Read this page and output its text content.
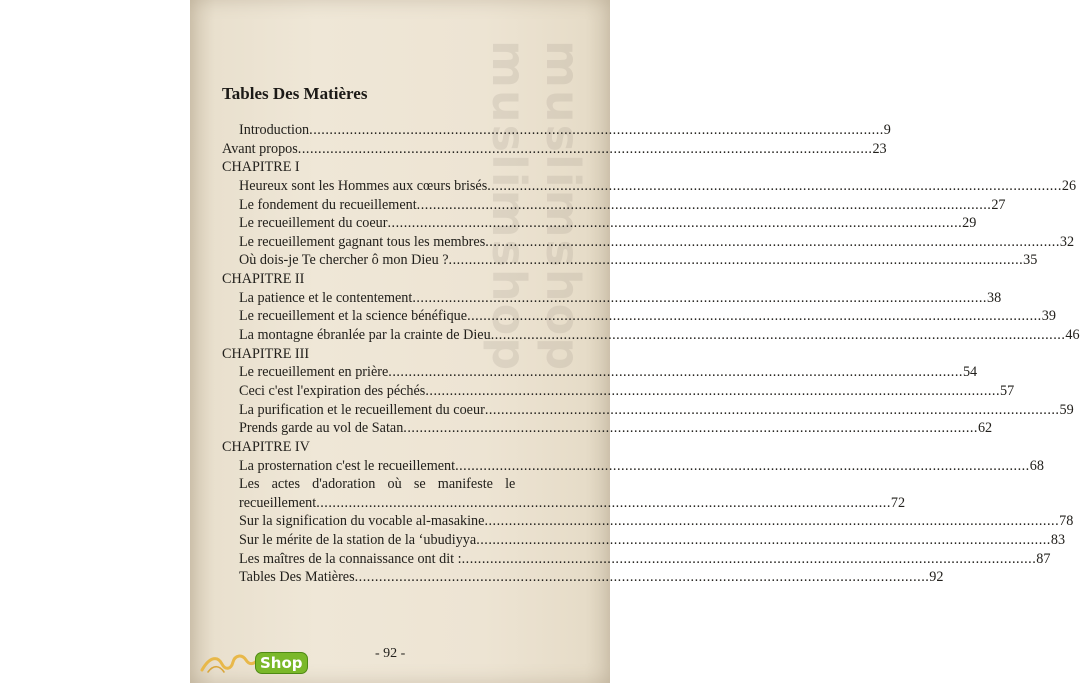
muslimshop muslimshop
Tables Des Matières
Introduction .....	9
Avant propos .....	23
CHAPITRE I
Heureux sont les Hommes aux cœurs brisés .....	26
Le fondement du recueillement .....	27
Le recueillement du coeur .....	29
Le recueillement gagnant tous les membres .....	32
Où dois-je Te chercher ô mon Dieu ? .....	35
CHAPITRE II
La patience et le contentement .....	38
Le recueillement et la science bénéfique .....	39
La montagne ébranlée par la crainte de Dieu .....	46
CHAPITRE III
Le recueillement en prière .....	54
Ceci c'est l'expiration des péchés .....	57
La purification et le recueillement du coeur .....	59
Prends garde au vol de Satan .....	62
CHAPITRE IV
La prosternation c'est le recueillement .....	68
Les actes d'adoration où se manifeste le
recueillement .....	72
Sur la signification du vocable al-masakine .....	78
Sur le mérite de la station de la ‘ubudiyya .....	83
Les maîtres de la connaissance ont dit : .....	87
Tables Des Matières .....	92
- 92 -
Shop
